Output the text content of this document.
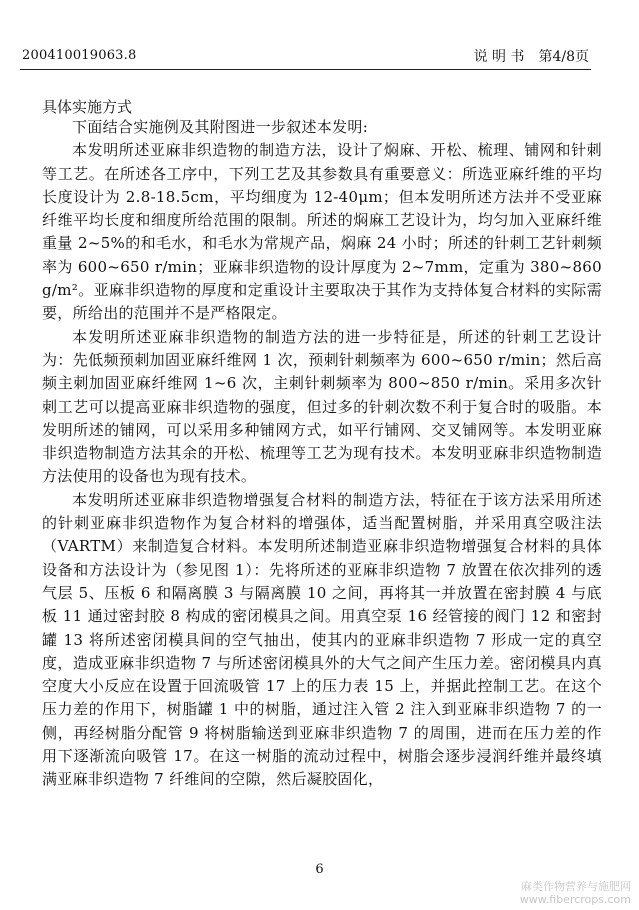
200410019063.8	说 明 书 第4/8页
具体实施方式

下面结合实施例及其附图进一步叙述本发明:

本发明所述亚麻非织造物的制造方法，设计了焖麻、开松、梳理、铺网和针刺等工艺。在所述各工序中，下列工艺及其参数具有重要意义：所选亚麻纤维的平均长度设计为 2.8-18.5cm，平均细度为 12-40μm；但本发明所述方法并不受亚麻纤维平均长度和细度所给范围的限制。所述的焖麻工艺设计为，均匀加入亚麻纤维重量 2~5%的和毛水，和毛水为常规产品，焖麻 24 小时；所述的针刺工艺针刺频率为 600~650 r/min；亚麻非织造物的设计厚度为 2~7mm，定重为 380~860 g/m²。亚麻非织造物的厚度和定重设计主要取决于其作为支持体复合材料的实际需要，所给出的范围并不是严格限定。

本发明所述亚麻非织造物的制造方法的进一步特征是，所述的针刺工艺设计为：先低频预刺加固亚麻纤维网 1 次，预刺针刺频率为 600~650 r/min；然后高频主刺加固亚麻纤维网 1~6 次，主刺针刺频率为 800~850 r/min。采用多次针刺工艺可以提高亚麻非织造物的强度，但过多的针刺次数不利于复合时的吸脂。本发明所述的铺网，可以采用多种铺网方式，如平行铺网、交叉铺网等。本发明亚麻非织造物制造方法其余的开松、梳理等工艺为现有技术。本发明亚麻非织造物制造方法使用的设备也为现有技术。

本发明所述亚麻非织造物增强复合材料的制造方法，特征在于该方法采用所述的针刺亚麻非织造物作为复合材料的增强体，适当配置树脂，并采用真空吸注法（VARTM）来制造复合材料。本发明所述制造亚麻非织造物增强复合材料的具体设备和方法设计为（参见图 1）：先将所述的亚麻非织造物 7 放置在依次排列的透气层 5、压板 6 和隔离膜 3 与隔离膜 10 之间，再将其一并放置在密封膜 4 与底板 11 通过密封胶 8 构成的密闭模具之间。用真空泵 16 经管接的阀门 12 和密封罐 13 将所述密闭模具间的空气抽出，使其内的亚麻非织造物 7 形成一定的真空度，造成亚麻非织造物 7 与所述密闭模具外的大气之间产生压力差。密闭模具内真空度大小反应在设置于回流吸管 17 上的压力表 15 上，并据此控制工艺。在这个压力差的作用下，树脂罐 1 中的树脂，通过注入管 2 注入到亚麻非织造物 7 的一侧，再经树脂分配管 9 将树脂输送到亚麻非织造物 7 的周围，进而在压力差的作用下逐渐流向吸管 17。在这一树脂的流动过程中，树脂会逐步浸润纤维并最终填满亚麻非织造物 7 纤维间的空隙，然后凝胶固化，

6
麻类作物营养与施肥网
www.fibercrops.com
